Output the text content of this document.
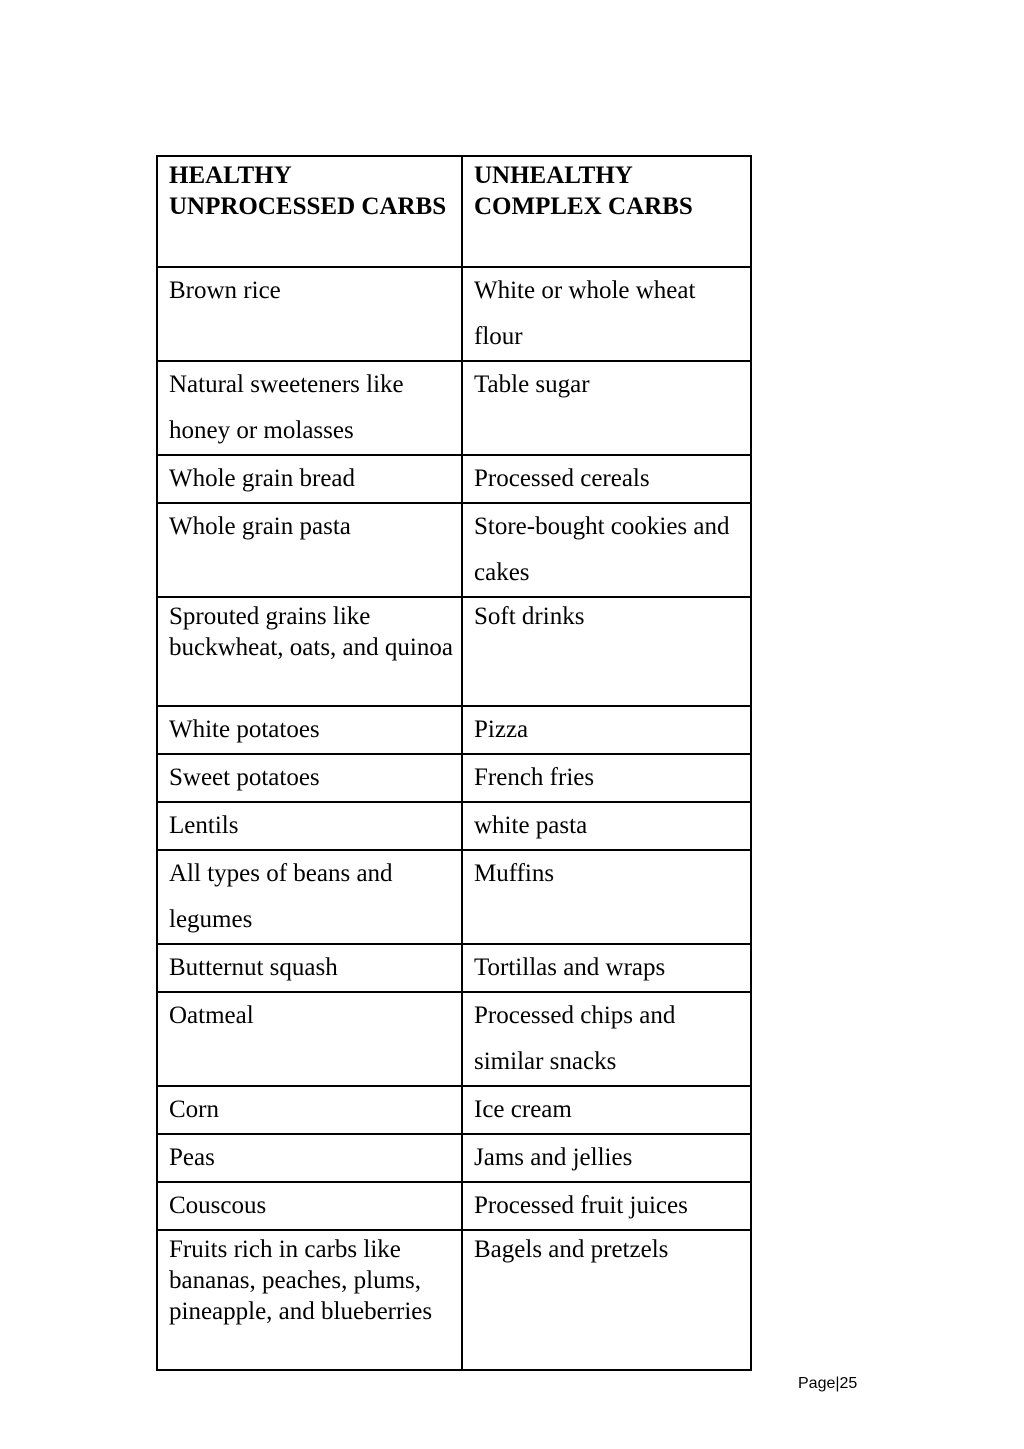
HEALTHY UNPROCESSED CARBS	UNHEALTHY COMPLEX CARBS
Brown rice	White or whole wheat flour
Natural sweeteners like honey or molasses	Table sugar
Whole grain bread	Processed cereals
Whole grain pasta	Store-bought cookies and cakes
Sprouted grains like buckwheat, oats, and quinoa	Soft drinks
White potatoes	Pizza
Sweet potatoes	French fries
Lentils	white pasta
All types of beans and legumes	Muffins
Butternut squash	Tortillas and wraps
Oatmeal	Processed chips and similar snacks
Corn	Ice cream
Peas	Jams and jellies
Couscous	Processed fruit juices
Fruits rich in carbs like bananas, peaches, plums, pineapple, and blueberries	Bagels and pretzels
Page|25
